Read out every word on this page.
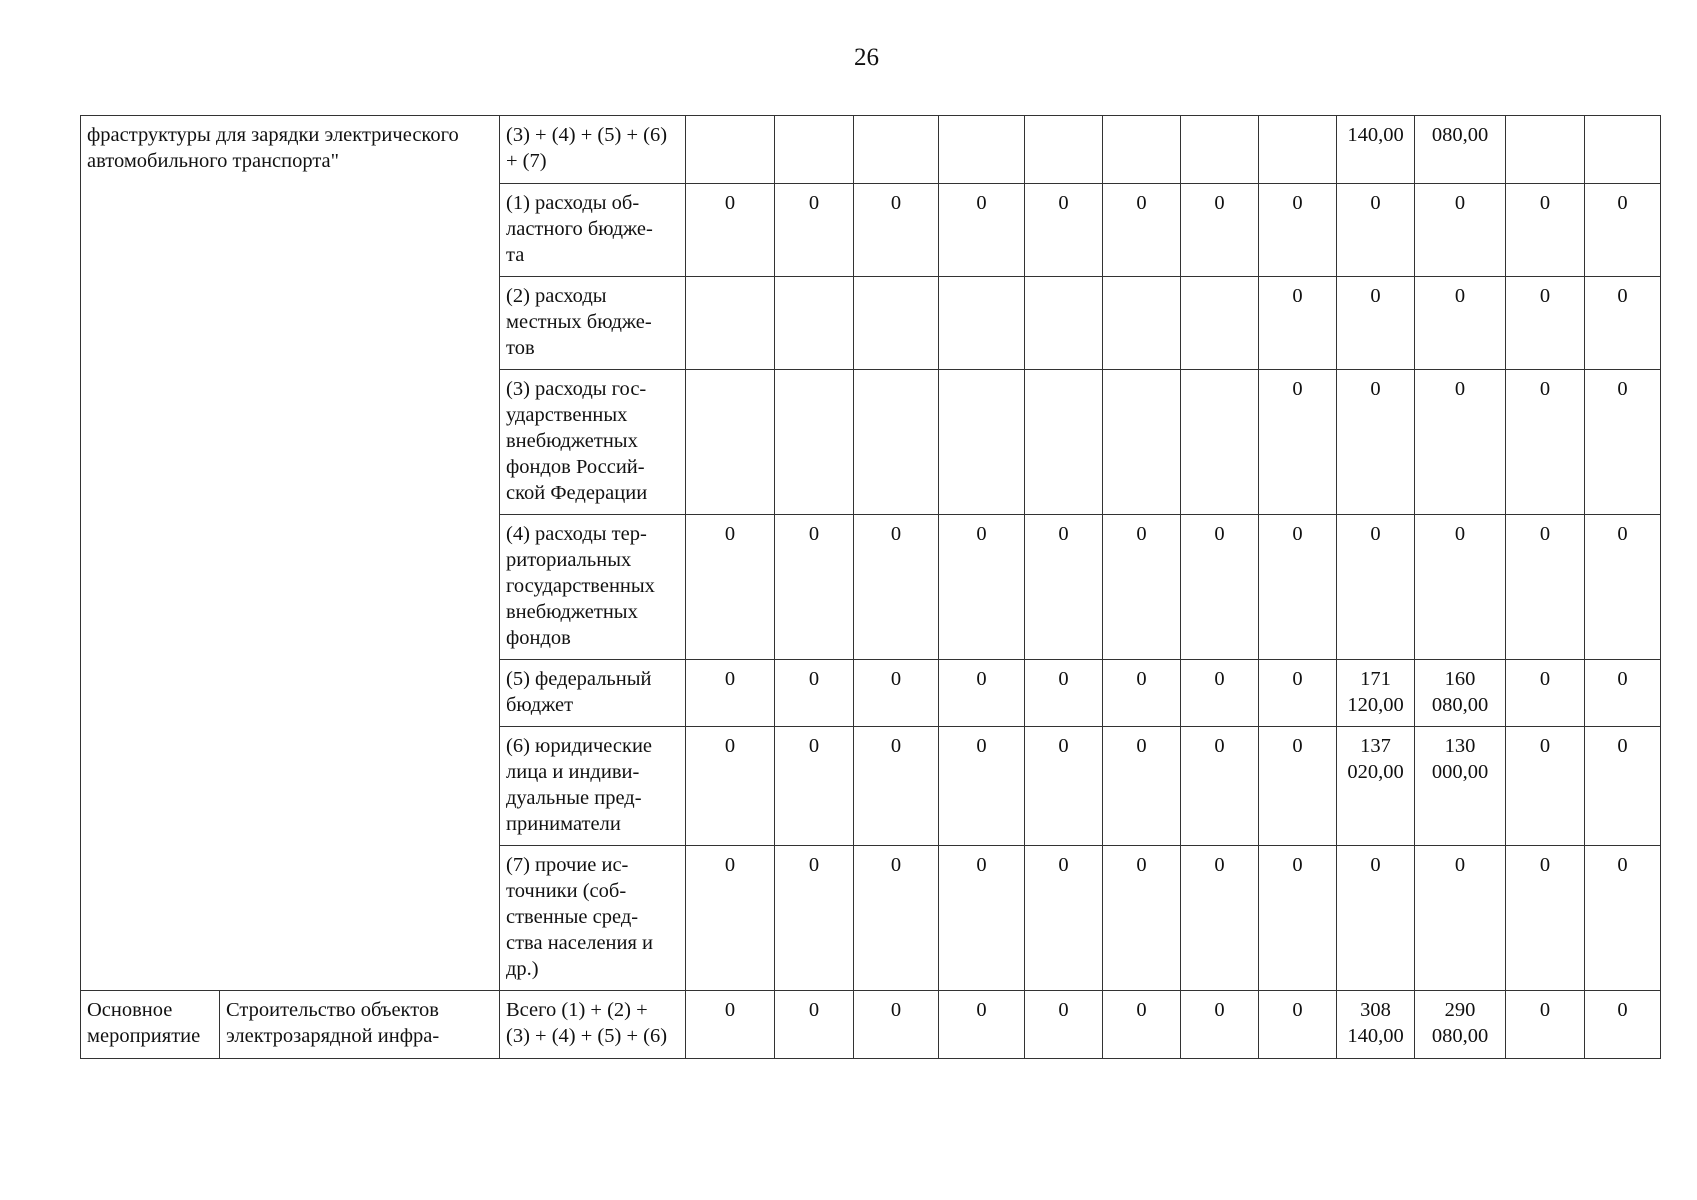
26
фраструктуры для зарядки электрического автомобильного транспорта"		(3) + (4) + (5) + (6)
+ (7)									140,00	080,00		

		(1) расходы об-
ластного бюдже-
та	0	0	0	0	0	0	0	0	0	0	0	0

		(2) расходы
местных бюдже-
тов								0	0	0	0	0

		(3) расходы гос-
ударственных
внебюджетных
фондов Россий-
ской Федерации								0	0	0	0	0

		(4) расходы тер-
риториальных
государственных
внебюджетных
фондов	0	0	0	0	0	0	0	0	0	0	0	0

		(5) федеральный
бюджет	0	0	0	0	0	0	0	0	171
120,00	160
080,00	0	0

		(6) юридические
лица и индиви-
дуальные пред-
приниматели	0	0	0	0	0	0	0	0	137
020,00	130
000,00	0	0

		(7) прочие ис-
точники (соб-
ственные сред-
ства населения и
др.)	0	0	0	0	0	0	0	0	0	0	0	0

Основное
мероприятие	Строительство объектов
электрозарядной инфра-	Всего (1) + (2) +
(3) + (4) + (5) + (6)	0	0	0	0	0	0	0	0	308
140,00	290
080,00	0	0
